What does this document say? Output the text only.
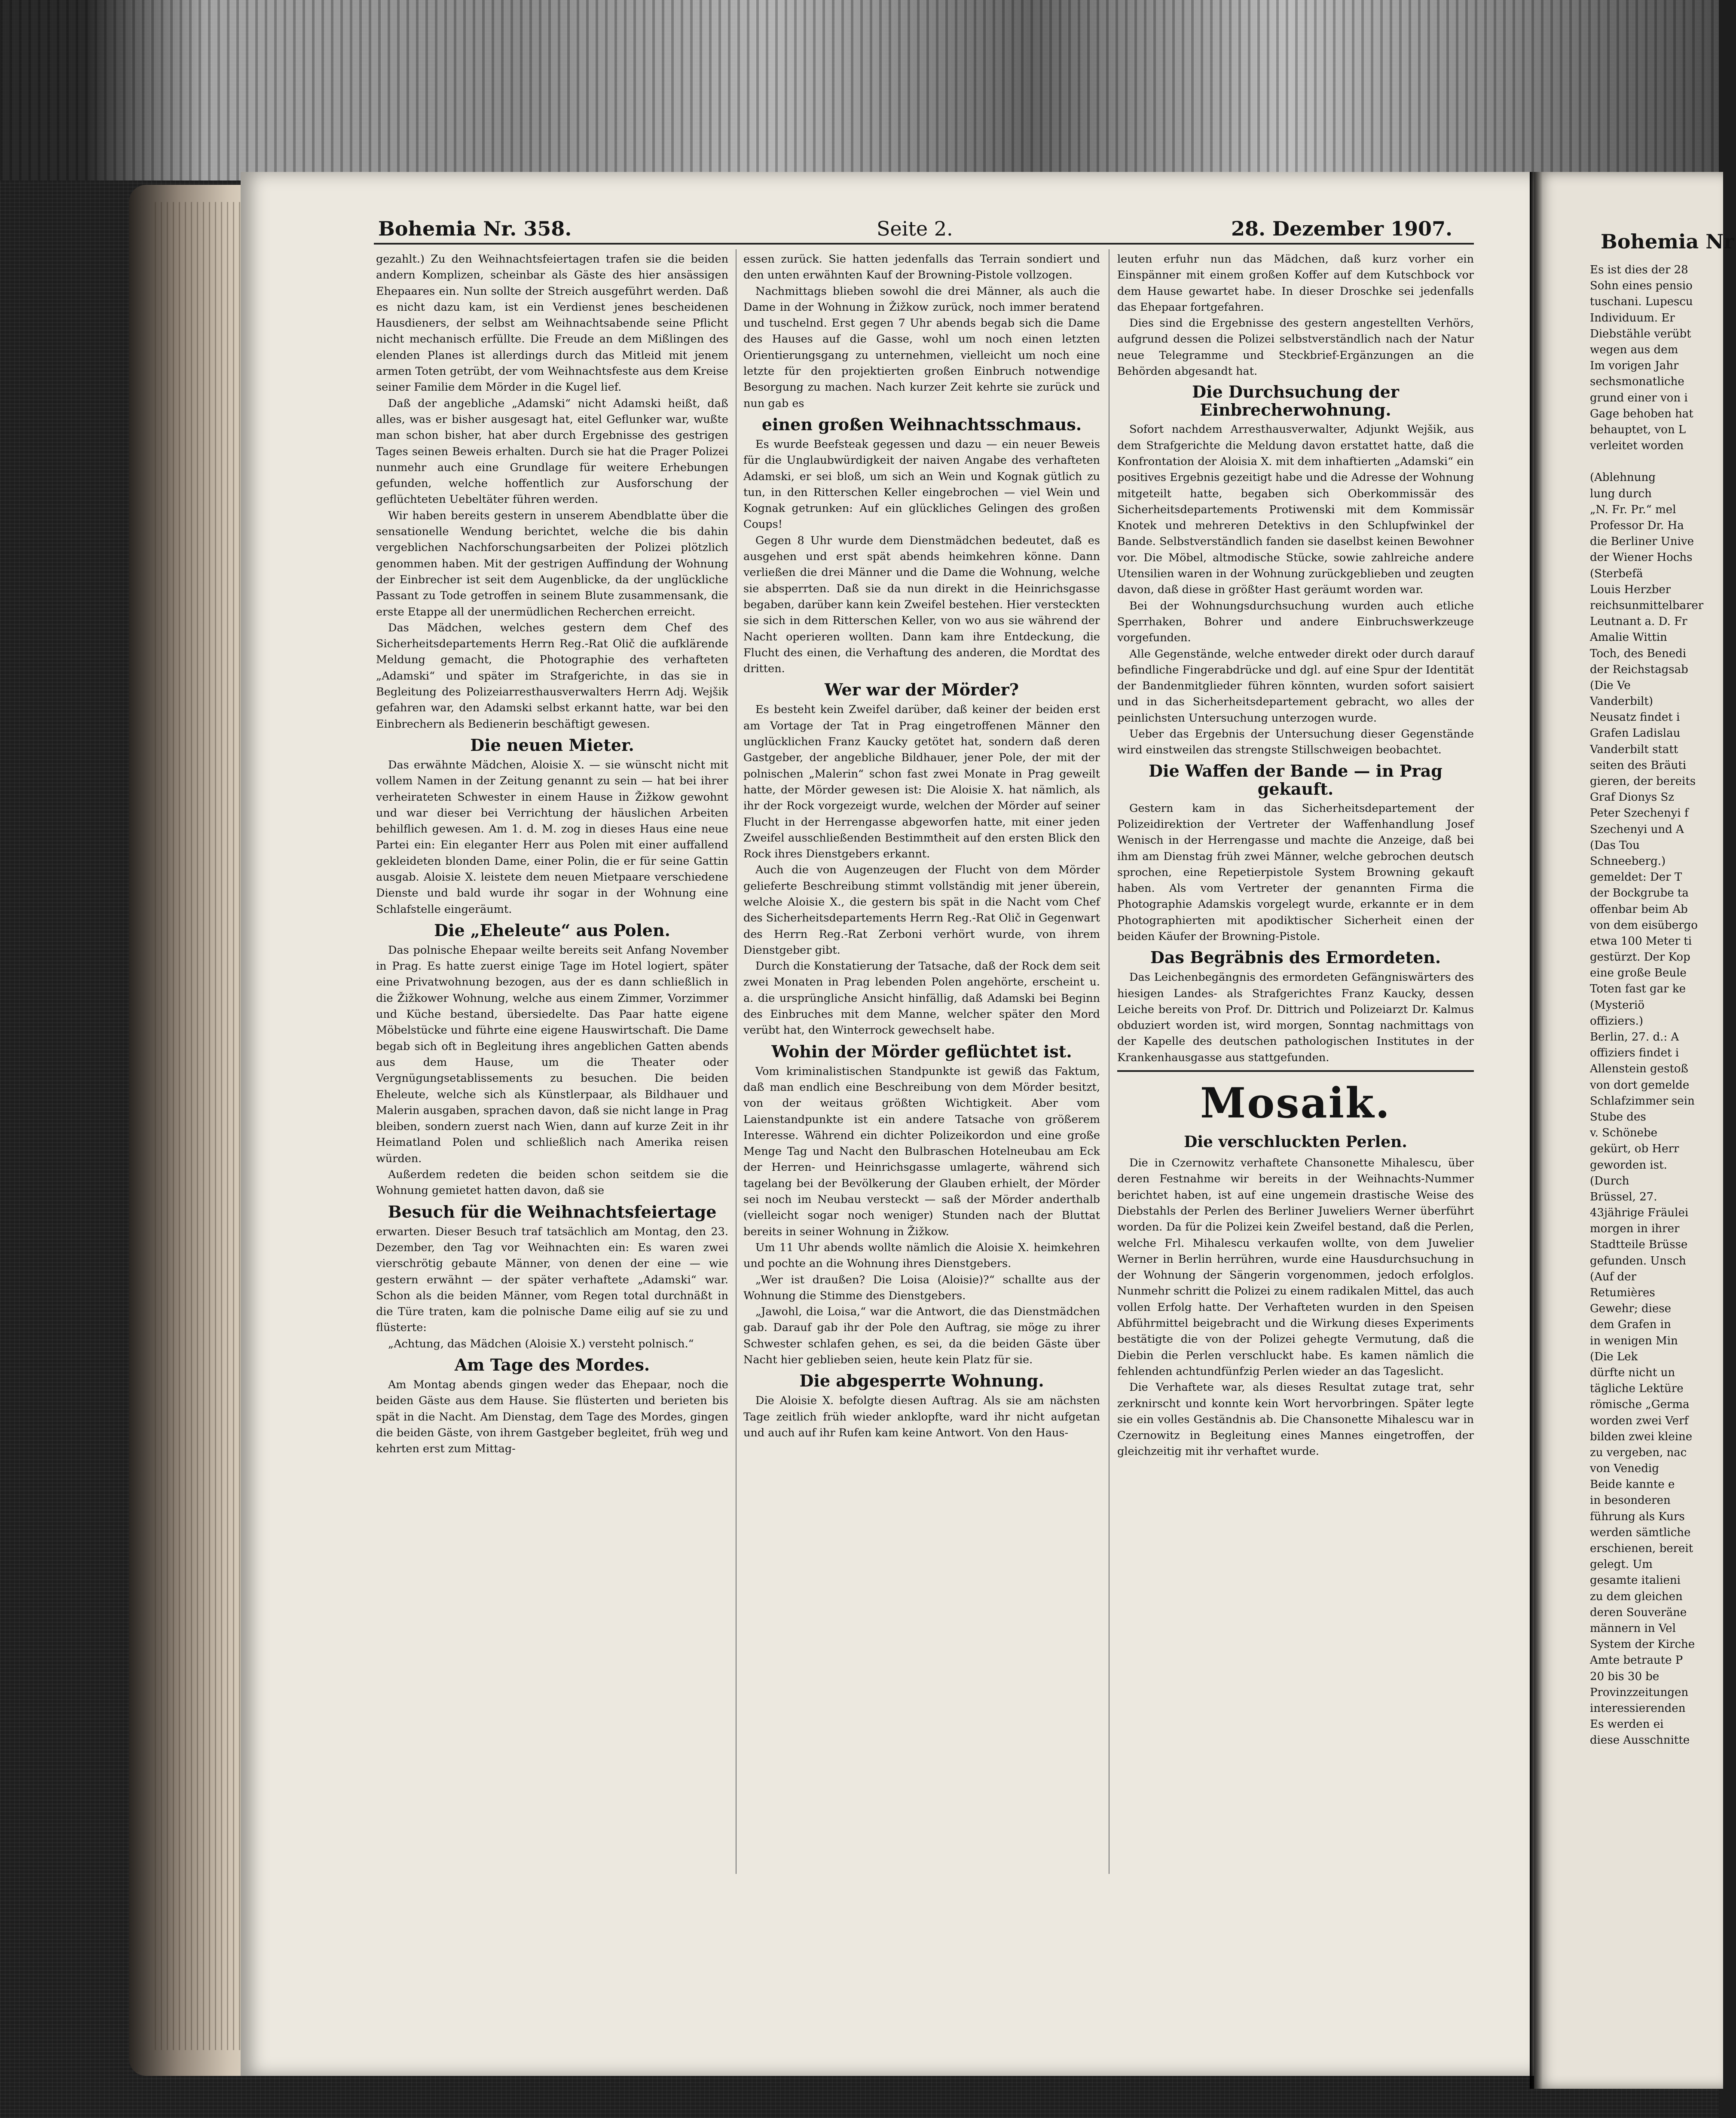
Bohemia Nr. 358.	Seite 2.	28. Dezember 1907.

gezahlt.) Zu den Weihnachtsfeiertagen trafen sie die beiden andern Komplizen, scheinbar als Gäste des hier ansässigen Ehepaares ein. Nun sollte der Streich ausgeführt werden. Daß es nicht dazu kam, ist ein Verdienst jenes bescheidenen Hausdieners, der selbst am Weihnachtsabende seine Pflicht nicht mechanisch erfüllte. Die Freude an dem Mißlingen des elenden Planes ist allerdings durch das Mitleid mit jenem armen Toten getrübt, der vom Weihnachtsfeste aus dem Kreise seiner Familie dem Mörder in die Kugel lief.

Daß der angebliche „Adamski“ nicht Adamski heißt, daß alles, was er bisher ausgesagt hat, eitel Geflunker war, wußte man schon bisher, hat aber durch Ergebnisse des gestrigen Tages seinen Beweis erhalten. Durch sie hat die Prager Polizei nunmehr auch eine Grundlage für weitere Erhebungen gefunden, welche hoffentlich zur Ausforschung der geflüchteten Uebeltäter führen werden.

Wir haben bereits gestern in unserem Abendblatte über die sensationelle Wendung berichtet, welche die bis dahin vergeblichen Nachforschungsarbeiten der Polizei plötzlich genommen haben. Mit der gestrigen Auffindung der Wohnung der Einbrecher ist seit dem Augenblicke, da der unglückliche Passant zu Tode getroffen in seinem Blute zusammensank, die erste Etappe all der unermüdlichen Recherchen erreicht.

Das Mädchen, welches gestern dem Chef des Sicherheitsdepartements Herrn Reg.-Rat Olič die aufklärende Meldung gemacht, die Photographie des verhafteten „Adamski“ und später im Strafgerichte, in das sie in Begleitung des Polizeiarresthausverwalters Herrn Adj. Wejšik gefahren war, den Adamski selbst erkannt hatte, war bei den Einbrechern als Bedienerin beschäftigt gewesen.

Die neuen Mieter.

Das erwähnte Mädchen, Aloisie X. — sie wünscht nicht mit vollem Namen in der Zeitung genannt zu sein — hat bei ihrer verheirateten Schwester in einem Hause in Žižkow gewohnt und war dieser bei Verrichtung der häuslichen Arbeiten behilflich gewesen. Am 1. d. M. zog in dieses Haus eine neue Partei ein: Ein eleganter Herr aus Polen mit einer auffallend gekleideten blonden Dame, einer Polin, die er für seine Gattin ausgab. Aloisie X. leistete dem neuen Mietpaare verschiedene Dienste und bald wurde ihr sogar in der Wohnung eine Schlafstelle eingeräumt.

Die „Eheleute“ aus Polen.

Das polnische Ehepaar weilte bereits seit Anfang November in Prag. Es hatte zuerst einige Tage im Hotel logiert, später eine Privatwohnung bezogen, aus der es dann schließlich in die Žižkower Wohnung, welche aus einem Zimmer, Vorzimmer und Küche bestand, übersiedelte. Das Paar hatte eigene Möbelstücke und führte eine eigene Hauswirtschaft. Die Dame begab sich oft in Begleitung ihres angeblichen Gatten abends aus dem Hause, um die Theater oder Vergnügungsetablissements zu besuchen. Die beiden Eheleute, welche sich als Künstlerpaar, als Bildhauer und Malerin ausgaben, sprachen davon, daß sie nicht lange in Prag bleiben, sondern zuerst nach Wien, dann auf kurze Zeit in ihr Heimatland Polen und schließlich nach Amerika reisen würden.

Außerdem redeten die beiden schon seitdem sie die Wohnung gemietet hatten davon, daß sie

Besuch für die Weihnachtsfeiertage

erwarten. Dieser Besuch traf tatsächlich am Montag, den 23. Dezember, den Tag vor Weihnachten ein: Es waren zwei vierschrötig gebaute Männer, von denen der eine — wie gestern erwähnt — der später verhaftete „Adamski“ war. Schon als die beiden Männer, vom Regen total durchnäßt in die Türe traten, kam die polnische Dame eilig auf sie zu und flüsterte:

„Achtung, das Mädchen (Aloisie X.) versteht polnisch.“

Am Tage des Mordes.

Am Montag abends gingen weder das Ehepaar, noch die beiden Gäste aus dem Hause. Sie flüsterten und berieten bis spät in die Nacht. Am Dienstag, dem Tage des Mordes, gingen die beiden Gäste, von ihrem Gastgeber begleitet, früh weg und kehrten erst zum Mittag-

essen zurück. Sie hatten jedenfalls das Terrain sondiert und den unten erwähnten Kauf der Browning-Pistole vollzogen.

Nachmittags blieben sowohl die drei Männer, als auch die Dame in der Wohnung in Žižkow zurück, noch immer beratend und tuschelnd. Erst gegen 7 Uhr abends begab sich die Dame des Hauses auf die Gasse, wohl um noch einen letzten Orientierungsgang zu unternehmen, vielleicht um noch eine letzte für den projektierten großen Einbruch notwendige Besorgung zu machen. Nach kurzer Zeit kehrte sie zurück und nun gab es

einen großen Weihnachtsschmaus.

Es wurde Beefsteak gegessen und dazu — ein neuer Beweis für die Unglaubwürdigkeit der naiven Angabe des verhafteten Adamski, er sei bloß, um sich an Wein und Kognak gütlich zu tun, in den Ritterschen Keller eingebrochen — viel Wein und Kognak getrunken: Auf ein glückliches Gelingen des großen Coups!

Gegen 8 Uhr wurde dem Dienstmädchen bedeutet, daß es ausgehen und erst spät abends heimkehren könne. Dann verließen die drei Männer und die Dame die Wohnung, welche sie absperrten. Daß sie da nun direkt in die Heinrichsgasse begaben, darüber kann kein Zweifel bestehen. Hier versteckten sie sich in dem Ritterschen Keller, von wo aus sie während der Nacht operieren wollten. Dann kam ihre Entdeckung, die Flucht des einen, die Verhaftung des anderen, die Mordtat des dritten.

Wer war der Mörder?

Es besteht kein Zweifel darüber, daß keiner der beiden erst am Vortage der Tat in Prag eingetroffenen Männer den unglücklichen Franz Kaucky getötet hat, sondern daß deren Gastgeber, der angebliche Bildhauer, jener Pole, der mit der polnischen „Malerin“ schon fast zwei Monate in Prag geweilt hatte, der Mörder gewesen ist: Die Aloisie X. hat nämlich, als ihr der Rock vorgezeigt wurde, welchen der Mörder auf seiner Flucht in der Herrengasse abgeworfen hatte, mit einer jeden Zweifel ausschließenden Bestimmtheit auf den ersten Blick den Rock ihres Dienstgebers erkannt.

Auch die von Augenzeugen der Flucht von dem Mörder gelieferte Beschreibung stimmt vollständig mit jener überein, welche Aloisie X., die gestern bis spät in die Nacht vom Chef des Sicherheitsdepartements Herrn Reg.-Rat Olič in Gegenwart des Herrn Reg.-Rat Zerboni verhört wurde, von ihrem Dienstgeber gibt.

Durch die Konstatierung der Tatsache, daß der Rock dem seit zwei Monaten in Prag lebenden Polen angehörte, erscheint u. a. die ursprüngliche Ansicht hinfällig, daß Adamski bei Beginn des Einbruches mit dem Manne, welcher später den Mord verübt hat, den Winterrock gewechselt habe.

Wohin der Mörder geflüchtet ist.

Vom kriminalistischen Standpunkte ist gewiß das Faktum, daß man endlich eine Beschreibung von dem Mörder besitzt, von der weitaus größten Wichtigkeit. Aber vom Laienstandpunkte ist ein andere Tatsache von größerem Interesse. Während ein dichter Polizeikordon und eine große Menge Tag und Nacht den Bulbraschen Hotelneubau am Eck der Herren- und Heinrichsgasse umlagerte, während sich tagelang bei der Bevölkerung der Glauben erhielt, der Mörder sei noch im Neubau versteckt — saß der Mörder anderthalb (vielleicht sogar noch weniger) Stunden nach der Bluttat bereits in seiner Wohnung in Žižkow.

Um 11 Uhr abends wollte nämlich die Aloisie X. heimkehren und pochte an die Wohnung ihres Dienstgebers.

„Wer ist draußen? Die Loisa (Aloisie)?“ schallte aus der Wohnung die Stimme des Dienstgebers.

„Jawohl, die Loisa,“ war die Antwort, die das Dienstmädchen gab. Darauf gab ihr der Pole den Auftrag, sie möge zu ihrer Schwester schlafen gehen, es sei, da die beiden Gäste über Nacht hier geblieben seien, heute kein Platz für sie.

Die abgesperrte Wohnung.

Die Aloisie X. befolgte diesen Auftrag. Als sie am nächsten Tage zeitlich früh wieder anklopfte, ward ihr nicht aufgetan und auch auf ihr Rufen kam keine Antwort. Von den Haus-

leuten erfuhr nun das Mädchen, daß kurz vorher ein Einspänner mit einem großen Koffer auf dem Kutschbock vor dem Hause gewartet habe. In dieser Droschke sei jedenfalls das Ehepaar fortgefahren.

Dies sind die Ergebnisse des gestern angestellten Verhörs, aufgrund dessen die Polizei selbstverständlich nach der Natur neue Telegramme und Steckbrief-Ergänzungen an die Behörden abgesandt hat.

Die Durchsuchung der Einbrecherwohnung.

Sofort nachdem Arresthausverwalter, Adjunkt Wejšik, aus dem Strafgerichte die Meldung davon erstattet hatte, daß die Konfrontation der Aloisia X. mit dem inhaftierten „Adamski“ ein positives Ergebnis gezeitigt habe und die Adresse der Wohnung mitgeteilt hatte, begaben sich Oberkommissär des Sicherheitsdepartements Protiwenski mit dem Kommissär Knotek und mehreren Detektivs in den Schlupfwinkel der Bande. Selbstverständlich fanden sie daselbst keinen Bewohner vor. Die Möbel, altmodische Stücke, sowie zahlreiche andere Utensilien waren in der Wohnung zurückgeblieben und zeugten davon, daß diese in größter Hast geräumt worden war.

Bei der Wohnungsdurchsuchung wurden auch etliche Sperrhaken, Bohrer und andere Einbruchswerkzeuge vorgefunden.

Alle Gegenstände, welche entweder direkt oder durch darauf befindliche Fingerabdrücke und dgl. auf eine Spur der Identität der Bandenmitglieder führen könnten, wurden sofort saisiert und in das Sicherheitsdepartement gebracht, wo alles der peinlichsten Untersuchung unterzogen wurde.

Ueber das Ergebnis der Untersuchung dieser Gegenstände wird einstweilen das strengste Stillschweigen beobachtet.

Die Waffen der Bande — in Prag gekauft.

Gestern kam in das Sicherheitsdepartement der Polizeidirektion der Vertreter der Waffenhandlung Josef Wenisch in der Herrengasse und machte die Anzeige, daß bei ihm am Dienstag früh zwei Männer, welche gebrochen deutsch sprochen, eine Repetierpistole System Browning gekauft haben. Als vom Vertreter der genannten Firma die Photographie Adamskis vorgelegt wurde, erkannte er in dem Photographierten mit apodiktischer Sicherheit einen der beiden Käufer der Browning-Pistole.

Das Begräbnis des Ermordeten.

Das Leichenbegängnis des ermordeten Gefängniswärters des hiesigen Landes- als Strafgerichtes Franz Kaucky, dessen Leiche bereits von Prof. Dr. Dittrich und Polizeiarzt Dr. Kalmus obduziert worden ist, wird morgen, Sonntag nachmittags von der Kapelle des deutschen pathologischen Institutes in der Krankenhausgasse aus stattgefunden.

Mosaik.
Die verschluckten Perlen.

Die in Czernowitz verhaftete Chansonette Mihalescu, über deren Festnahme wir bereits in der Weihnachts-Nummer berichtet haben, ist auf eine ungemein drastische Weise des Diebstahls der Perlen des Berliner Juweliers Werner überführt worden. Da für die Polizei kein Zweifel bestand, daß die Perlen, welche Frl. Mihalescu verkaufen wollte, von dem Juwelier Werner in Berlin herrühren, wurde eine Hausdurchsuchung in der Wohnung der Sängerin vorgenommen, jedoch erfolglos. Nunmehr schritt die Polizei zu einem radikalen Mittel, das auch vollen Erfolg hatte. Der Verhafteten wurden in den Speisen Abführmittel beigebracht und die Wirkung dieses Experiments bestätigte die von der Polizei gehegte Vermutung, daß die Diebin die Perlen verschluckt habe. Es kamen nämlich die fehlenden achtundfünfzig Perlen wieder an das Tageslicht.

Die Verhaftete war, als dieses Resultat zutage trat, sehr zerknirscht und konnte kein Wort hervorbringen. Später legte sie ein volles Geständnis ab. Die Chansonette Mihalescu war in Czernowitz in Begleitung eines Mannes eingetroffen, der gleichzeitig mit ihr verhaftet wurde.

Bohemia Nr
Es ist dies der 28
Sohn eines pensio
tuschani. Lupescu
Individuum. Er
Diebstähle verübt
wegen aus dem
Im vorigen Jahr
sechsmonatliche
grund einer von i
Gage behoben hat
behauptet, von L
verleitet worden
(Ablehnung
lung durch
„N. Fr. Pr.“ mel
Professor Dr. Ha
die Berliner Unive
der Wiener Hochs
(Sterbefä
Louis Herzber
reichsunmittelbarer
Leutnant a. D. Fr
Amalie Wittin
Toch, des Benedi
der Reichstagsab
(Die Ve
Vanderbilt)
Neusatz findet i
Grafen Ladislau
Vanderbilt statt
seiten des Bräuti
gieren, der bereits
Graf Dionys Sz
Peter Szechenyi f
Szechenyi und A
(Das Tou
Schneeberg.)
gemeldet: Der T
der Bockgrube ta
offenbar beim Ab
von dem eisübergo
etwa 100 Meter ti
gestürzt. Der Kop
eine große Beule
Toten fast gar ke
(Mysteriö
offiziers.)
Berlin, 27. d.: A
offiziers findet i
Allenstein gestoß
von dort gemelde
Schlafzimmer sein
Stube des
v. Schönebe
gekürt, ob Herr
geworden ist.
(Durch
Brüssel, 27.
43jährige Fräulei
morgen in ihrer
Stadtteile Brüsse
gefunden. Unsch
(Auf der
Retumières
Gewehr; diese
dem Grafen in
in wenigen Min
(Die Lek
dürfte nicht un
tägliche Lektüre
römische „Germa
worden zwei Verf
bilden zwei kleine
zu vergeben, nac
von Venedig
Beide kannte e
in besonderen
führung als Kurs
werden sämtliche
erschienen, bereit
gelegt. Um
gesamte italieni
zu dem gleichen
deren Souveräne
männern in Vel
System der Kirche
Amte betraute P
20 bis 30 be
Provinzzeitungen
interessierenden
Es werden ei
diese Ausschnitte
